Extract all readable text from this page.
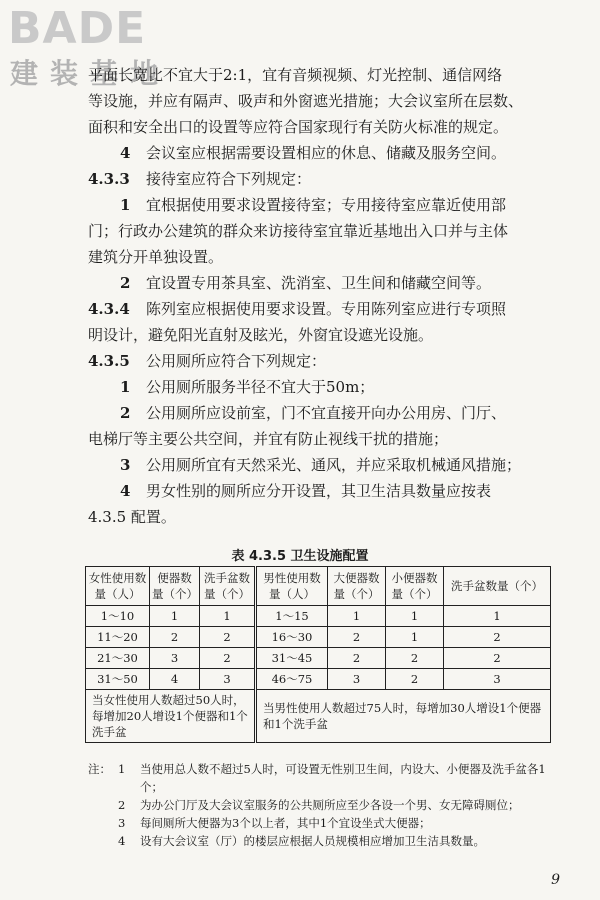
BADE
建装基地
平面长宽比不宜大于2:1，宜有音频视频、灯光控制、通信网络
等设施，并应有隔声、吸声和外窗遮光措施；大会议室所在层数、
面积和安全出口的设置等应符合国家现行有关防火标准的规定。
4 会议室应根据需要设置相应的休息、储藏及服务空间。
4.3.3 接待室应符合下列规定：
1 宜根据使用要求设置接待室；专用接待室应靠近使用部
门；行政办公建筑的群众来访接待室宜靠近基地出入口并与主体
建筑分开单独设置。
2 宜设置专用茶具室、洗消室、卫生间和储藏空间等。
4.3.4 陈列室应根据使用要求设置。专用陈列室应进行专项照
明设计，避免阳光直射及眩光，外窗宜设遮光设施。
4.3.5 公用厕所应符合下列规定：
1 公用厕所服务半径不宜大于50m；
2 公用厕所应设前室，门不宜直接开向办公用房、门厅、
电梯厅等主要公共空间，并宜有防止视线干扰的措施；
3 公用厕所宜有天然采光、通风，并应采取机械通风措施；
4 男女性别的厕所应分开设置，其卫生洁具数量应按表
4.3.5 配置。
表 4.3.5 卫生设施配置
女性使用数量（人）	便器数量（个）	洗手盆数量（个）	男性使用数量（人）	大便器数量（个）	小便器数量（个）	洗手盆数量（个）
1～10	1	1	1～15	1	1	1
11～20	2	2	16～30	2	1	2
21～30	3	2	31～45	2	2	2
31～50	4	3	46～75	3	2	3
当女性使用人数超过50人时，每增加20人增设1个便器和1个洗手盆			当男性使用人数超过75人时，每增加30人增设1个便器和1个洗手盆			
注： 1 当使用总人数不超过5人时，可设置无性别卫生间，内设大、小便器及洗手盆各1个；
2 为办公门厅及大会议室服务的公共厕所应至少各设一个男、女无障碍厕位；
3 每间厕所大便器为3个以上者，其中1个宜设坐式大便器；
4 设有大会议室（厅）的楼层应根据人员规模相应增加卫生洁具数量。
9
